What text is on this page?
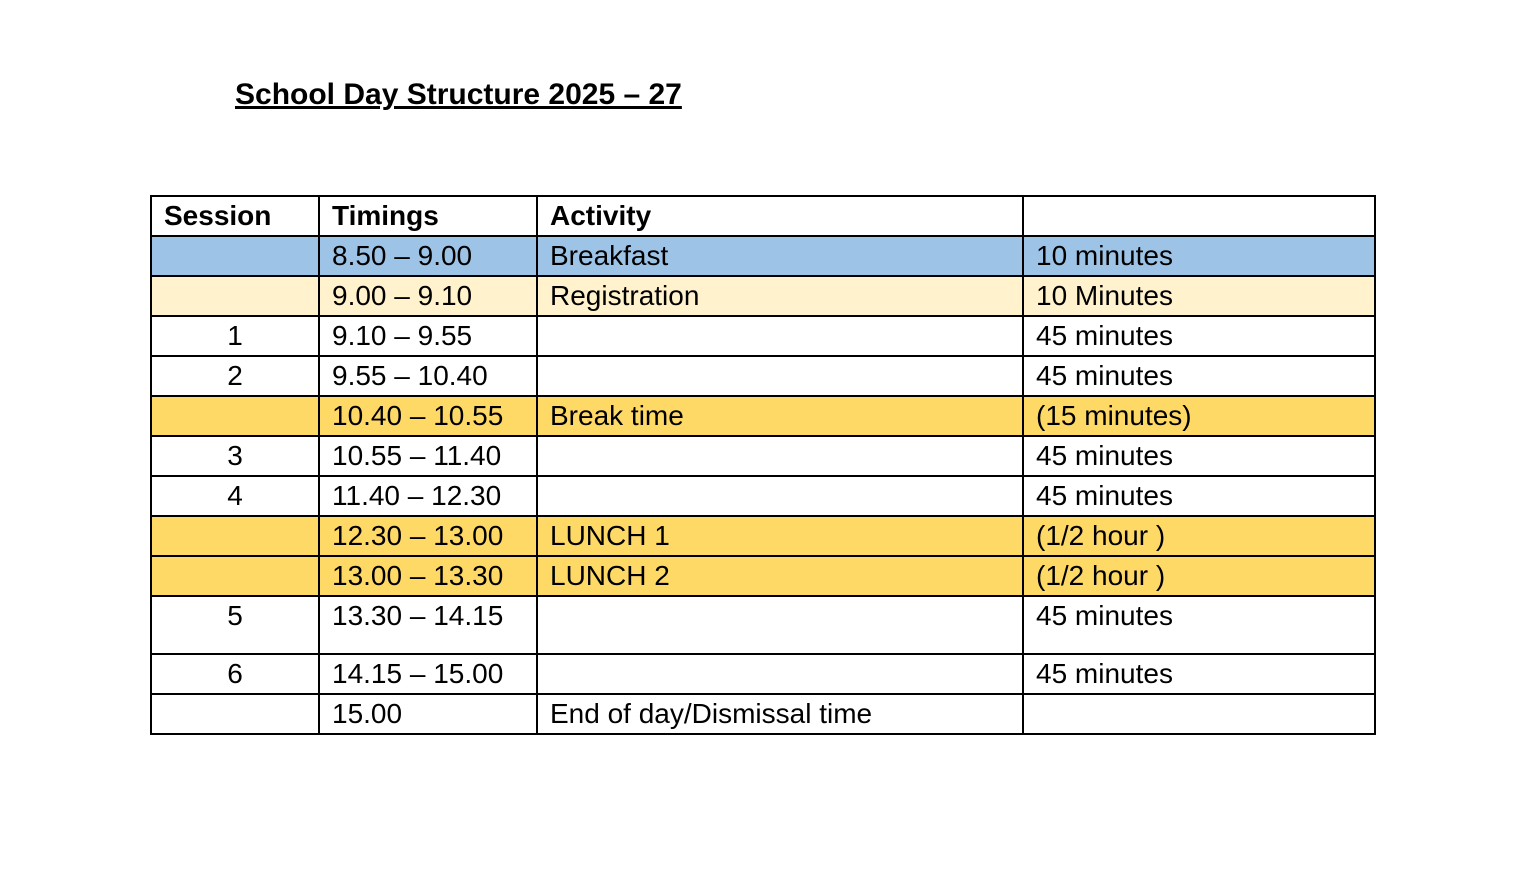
School Day Structure 2025 – 27
Session	Timings	Activity	
	8.50 – 9.00	Breakfast	10 minutes
	9.00 – 9.10	Registration	10 Minutes
1	9.10 – 9.55		45 minutes
2	9.55 – 10.40		45 minutes
	10.40 – 10.55	Break time	(15 minutes)
3	10.55 – 11.40		45 minutes
4	11.40 – 12.30		45 minutes
	12.30 – 13.00	LUNCH 1	(1/2 hour )
	13.00 – 13.30	LUNCH 2	(1/2 hour )
5	13.30 – 14.15		45 minutes
6	14.15 – 15.00		45 minutes
	15.00	End of day/Dismissal time	
